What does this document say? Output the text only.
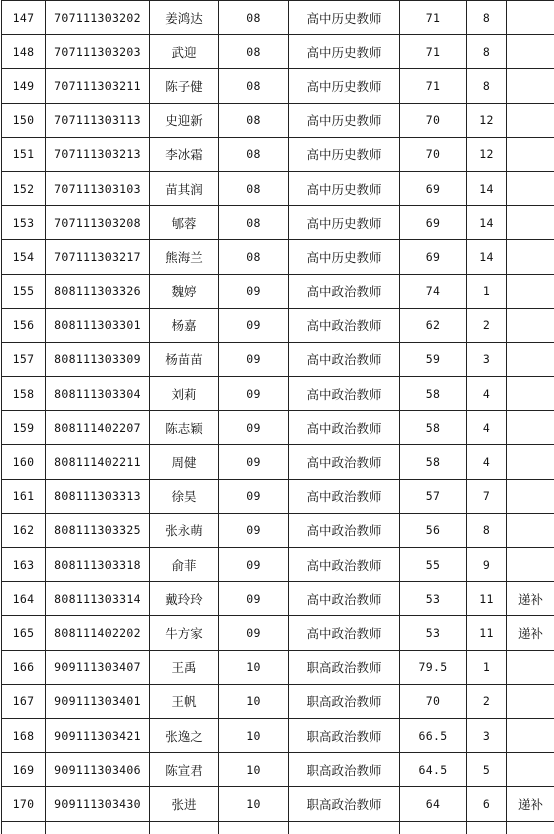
147	707111303202	姜鸿达	08	高中历史教师	71	8	
148	707111303203	武迎	08	高中历史教师	71	8	
149	707111303211	陈子健	08	高中历史教师	71	8	
150	707111303113	史迎新	08	高中历史教师	70	12	
151	707111303213	李冰霜	08	高中历史教师	70	12	
152	707111303103	苗其润	08	高中历史教师	69	14	
153	707111303208	郇蓉	08	高中历史教师	69	14	
154	707111303217	熊海兰	08	高中历史教师	69	14	
155	808111303326	魏婷	09	高中政治教师	74	1	
156	808111303301	杨嘉	09	高中政治教师	62	2	
157	808111303309	杨苗苗	09	高中政治教师	59	3	
158	808111303304	刘莉	09	高中政治教师	58	4	
159	808111402207	陈志颖	09	高中政治教师	58	4	
160	808111402211	周健	09	高中政治教师	58	4	
161	808111303313	徐昊	09	高中政治教师	57	7	
162	808111303325	张永萌	09	高中政治教师	56	8	
163	808111303318	俞菲	09	高中政治教师	55	9	
164	808111303314	戴玲玲	09	高中政治教师	53	11	递补
165	808111402202	牛方家	09	高中政治教师	53	11	递补
166	909111303407	王禹	10	职高政治教师	79.5	1	
167	909111303401	王帆	10	职高政治教师	70	2	
168	909111303421	张逸之	10	职高政治教师	66.5	3	
169	909111303406	陈宣君	10	职高政治教师	64.5	5	
170	909111303430	张进	10	职高政治教师	64	6	递补
